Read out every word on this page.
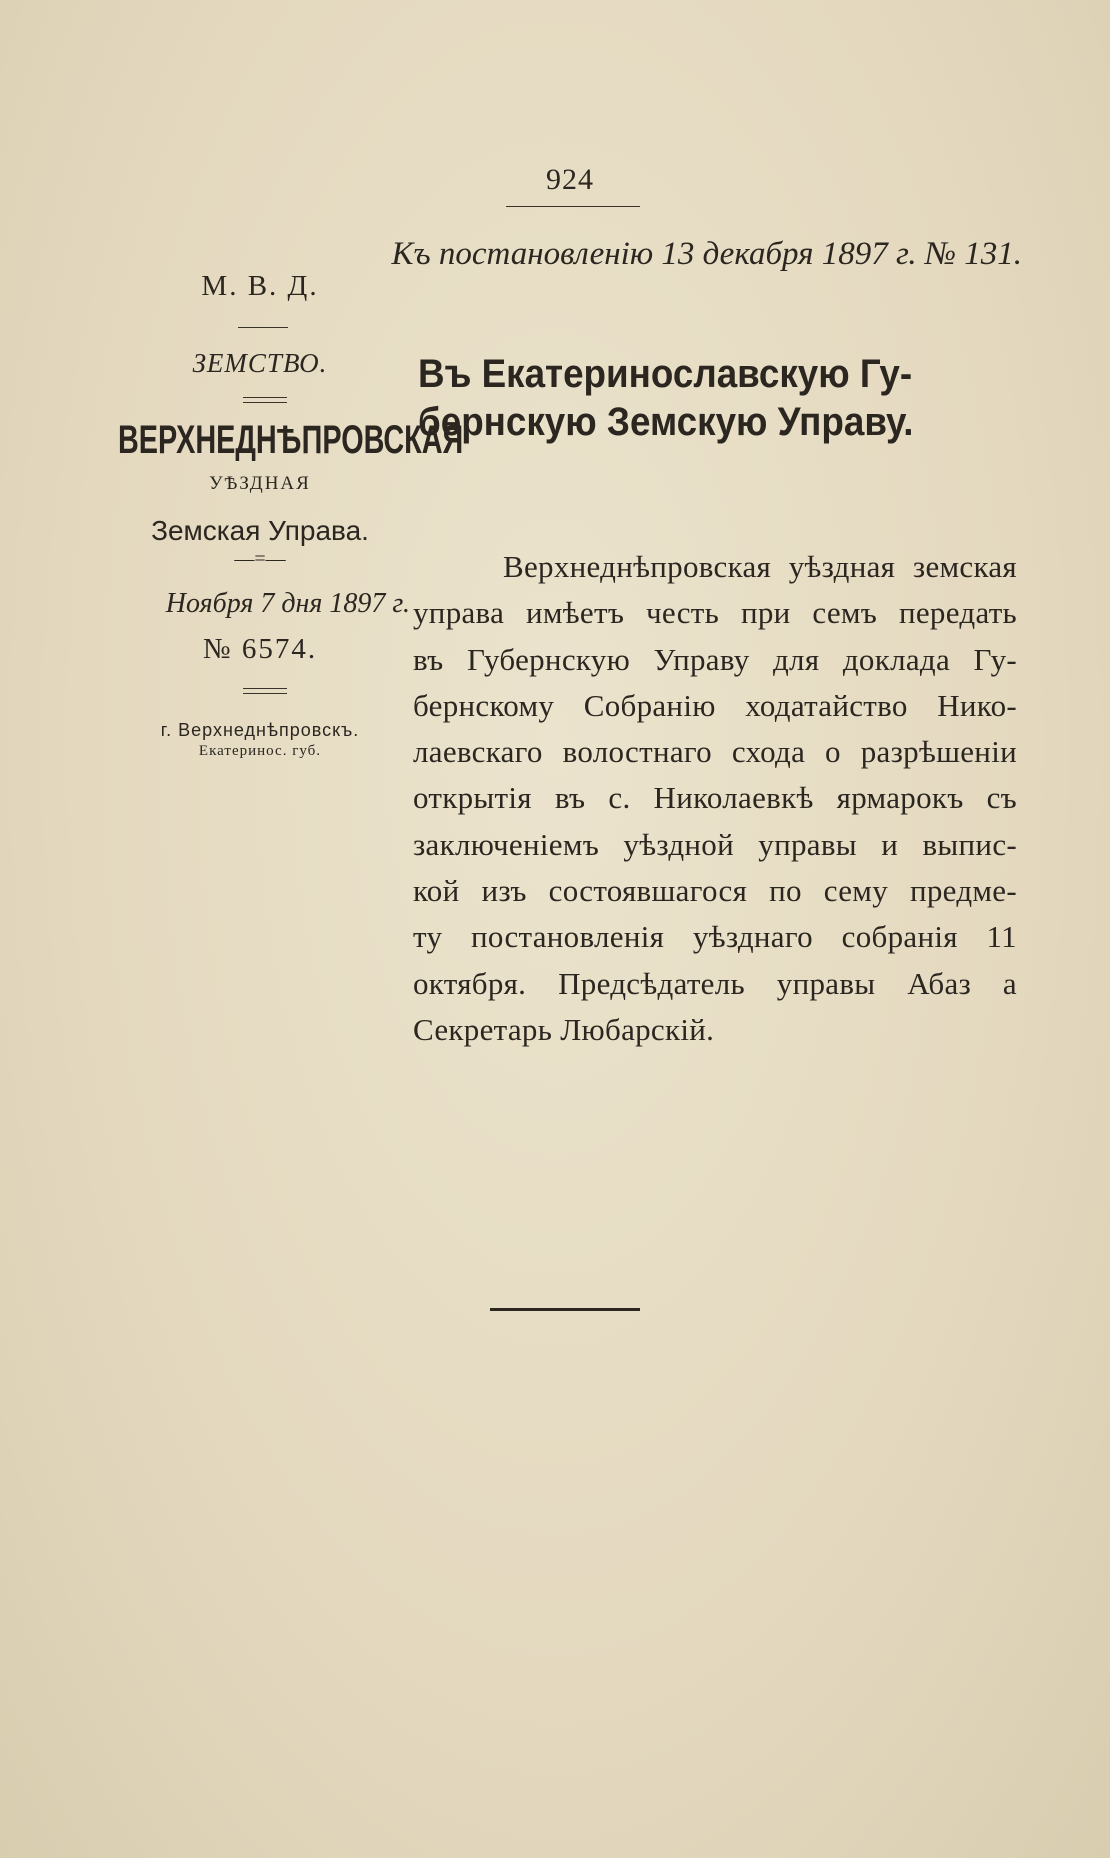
924
Къ постановленію 13 декабря 1897 г. № 131.
М. В. Д.
ЗЕМСТВО.
ВЕРХНЕДНѢПРОВСКАЯ
УѢЗДНАЯ
Земская Управа.
—=—
Ноября 7 дня 1897 г.
№ 6574.
г. Верхнеднѣпровскъ.
Екатеринос. губ.
Въ Екатеринославскую Гу-
бернскую Земскую Управу.
Верхнеднѣпровская уѣздная земская
управа имѣетъ честь при семъ передать
въ Губернскую Управу для доклада Гу-
бернскому Собранію ходатайство Нико-
лаевскаго волостнаго схода о разрѣшеніи
открытія въ с. Николаевкѣ ярмарокъ съ
заключеніемъ уѣздной управы и выпис-
кой изъ состоявшагося по сему предме-
ту постановленія уѣзднаго собранія 11
октября. Предсѣдатель управы Абаз а
Секретарь Любарскій.
